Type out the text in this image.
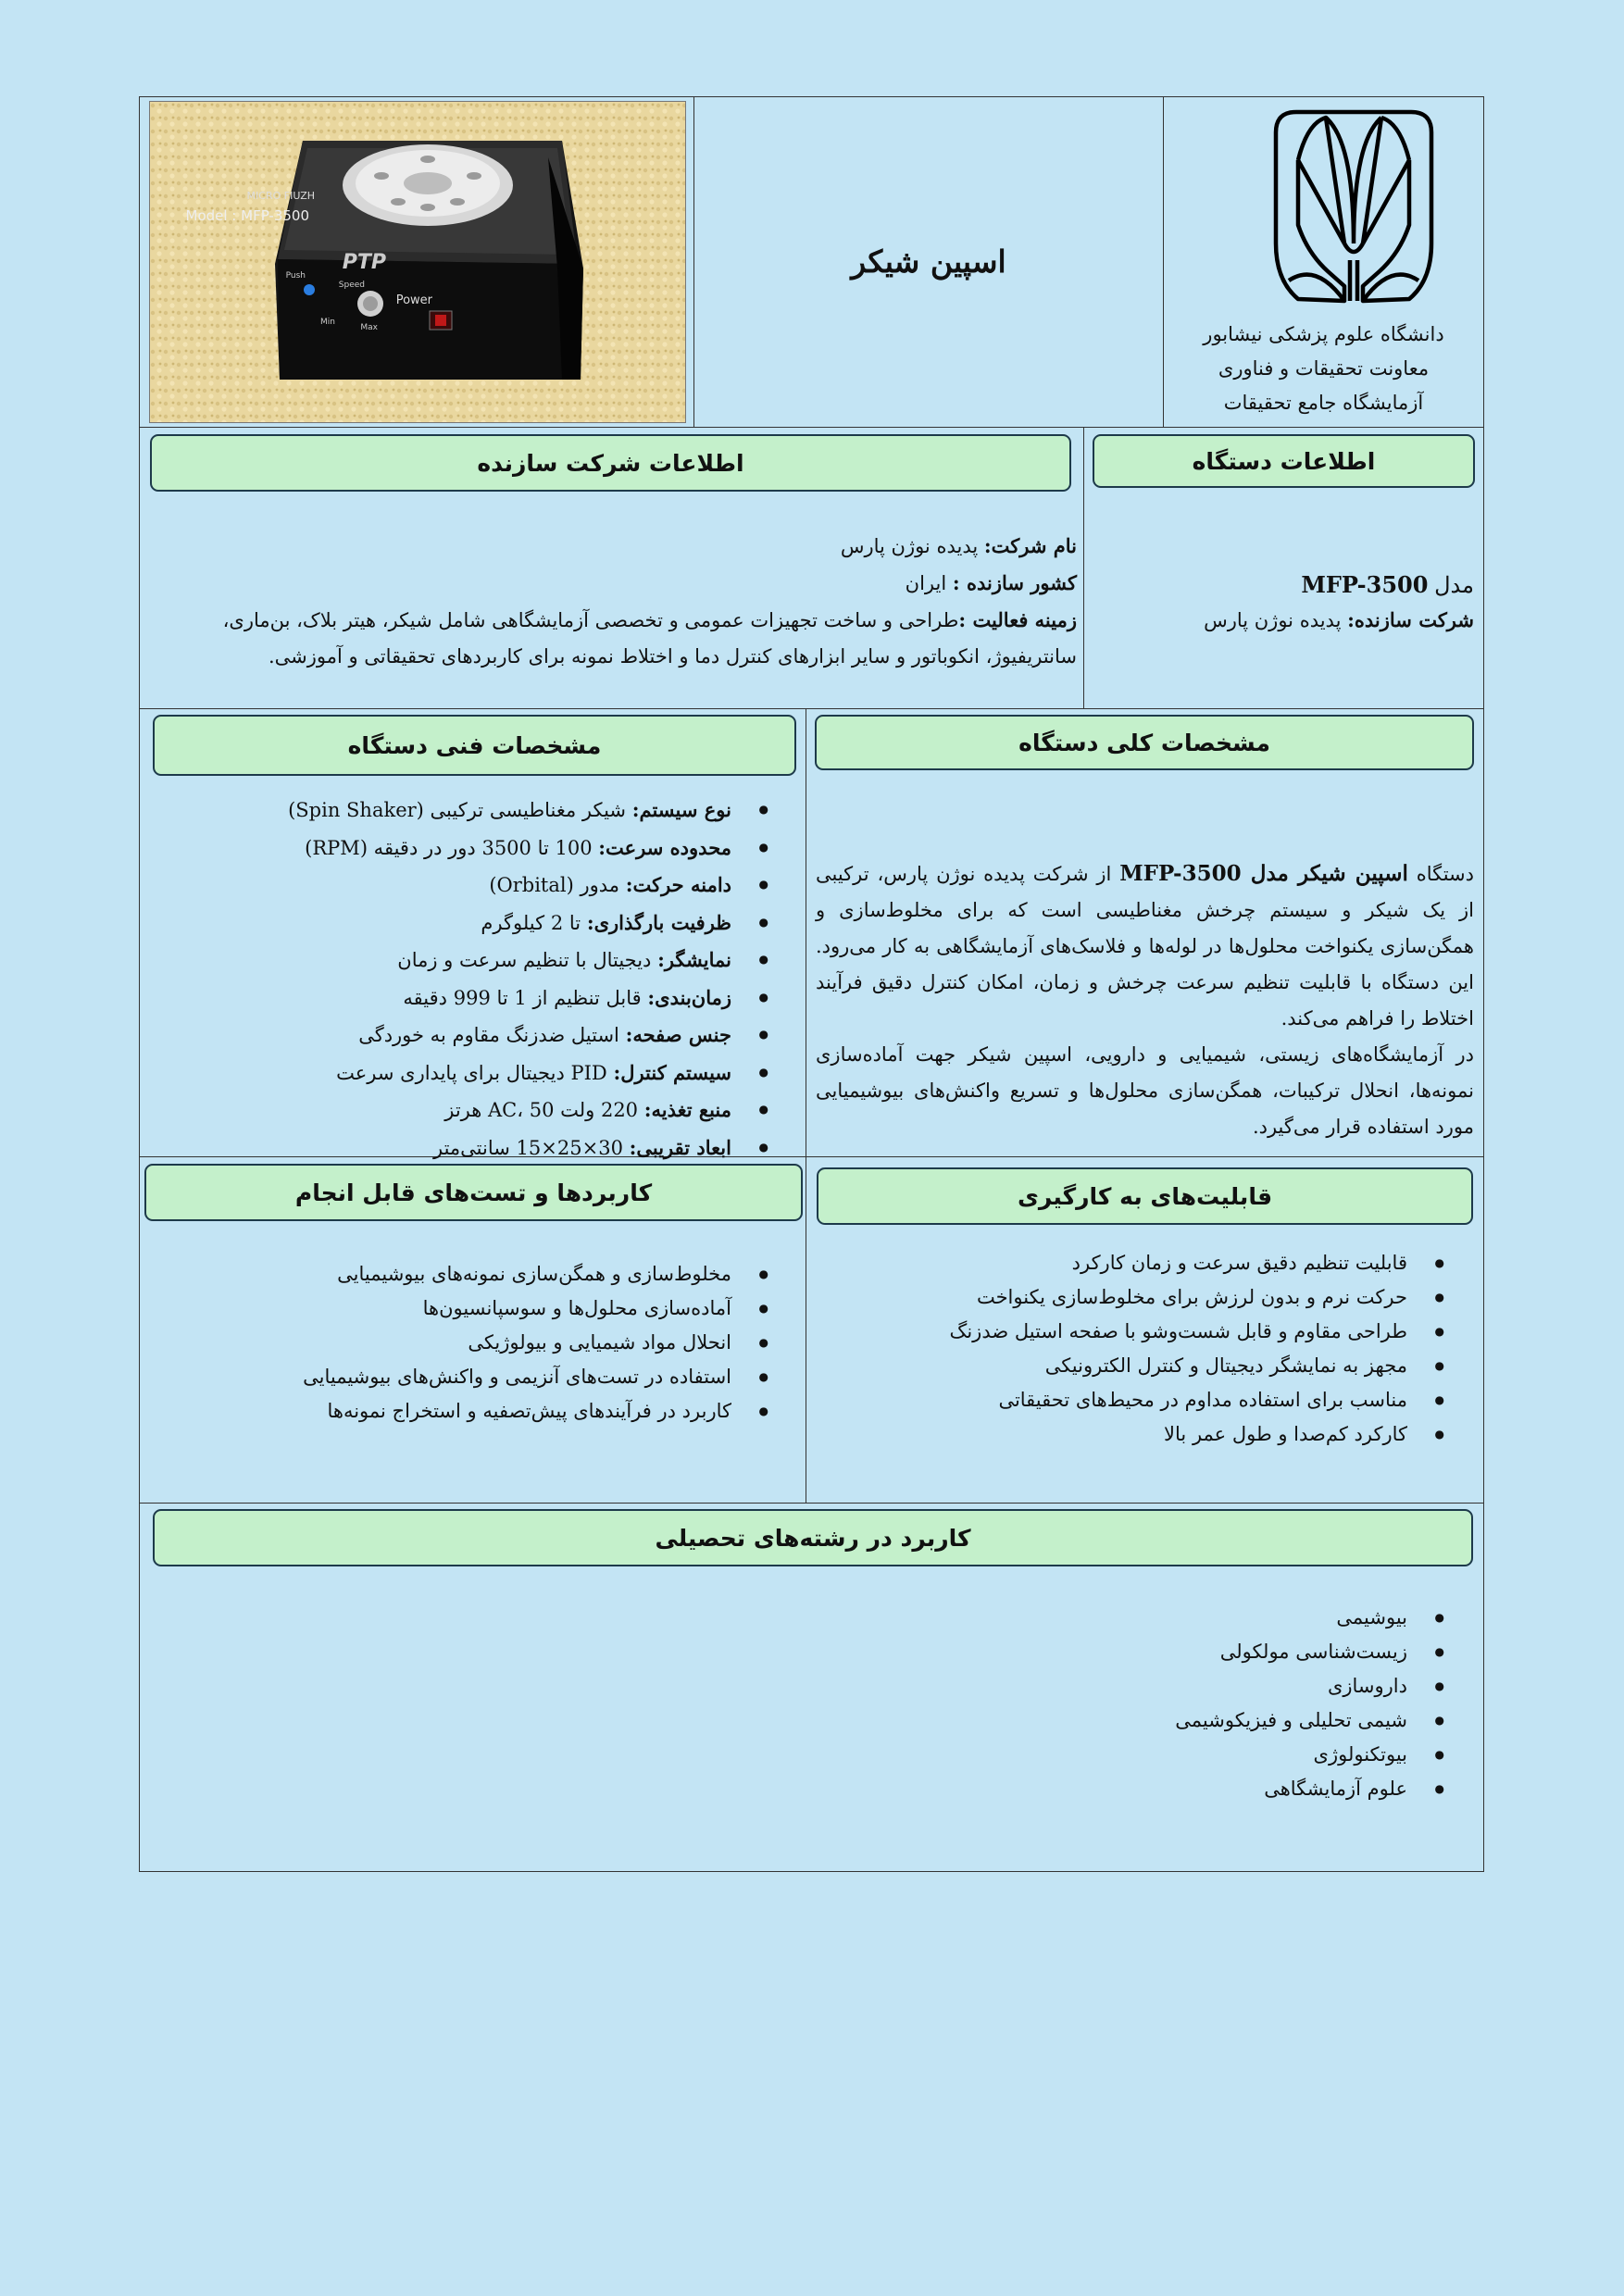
دانشگاه علوم پزشکی نیشابور
معاونت تحقیقات و فناوری
آزمایشگاه جامع تحقیقات
اسپین شیکر
MICRO FIUZH
Model : MFP-3500
PTP
Push
Speed
Min
Max
Power
اطلاعات دستگاه
مدل MFP-3500
شرکت سازنده: پدیده نوژن پارس
اطلاعات شرکت سازنده
نام شرکت: پدیده نوژن پارس
کشور سازنده : ایران
زمینه فعالیت :طراحی و ساخت تجهیزات عمومی و تخصصی آزمایشگاهی شامل شیکر، هیتر بلاک، بن‌ماری، سانتریفیوژ، انکوباتور و سایر ابزارهای کنترل دما و اختلاط نمونه برای کاربردهای تحقیقاتی و آموزشی.
مشخصات کلی دستگاه
دستگاه اسپین شیکر مدل MFP-3500 از شرکت پدیده نوژن پارس، ترکیبی از یک شیکر و سیستم چرخش مغناطیسی است که برای مخلوط‌سازی و همگن‌سازی یکنواخت محلول‌ها در لوله‌ها و فلاسک‌های آزمایشگاهی به کار می‌رود. این دستگاه با قابلیت تنظیم سرعت چرخش و زمان، امکان کنترل دقیق فرآیند اختلاط را فراهم می‌کند.
در آزمایشگاه‌های زیستی، شیمیایی و دارویی، اسپین شیکر جهت آماده‌سازی نمونه‌ها، انحلال ترکیبات، همگن‌سازی محلول‌ها و تسریع واکنش‌های بیوشیمیایی مورد استفاده قرار می‌گیرد.
مشخصات فنی دستگاه
● نوع سیستم: شیکر مغناطیسی ترکیبی (Spin Shaker)
● محدوده سرعت: 100 تا 3500 دور در دقیقه (RPM)
● دامنه حرکت: مدور (Orbital)
● ظرفیت بارگذاری: تا 2 کیلوگرم
● نمایشگر: دیجیتال با تنظیم سرعت و زمان
● زمان‌بندی: قابل تنظیم از 1 تا 999 دقیقه
● جنس صفحه: استیل ضدزنگ مقاوم به خوردگی
● سیستم کنترل: PID دیجیتال برای پایداری سرعت
● منبع تغذیه: 220 ولت AC، 50 هرتز
● ابعاد تقریبی: 30×25×15 سانتی‌متر
قابلیت‌های به کارگیری
● قابلیت تنظیم دقیق سرعت و زمان کارکرد
● حرکت نرم و بدون لرزش برای مخلوط‌سازی یکنواخت
● طراحی مقاوم و قابل شست‌وشو با صفحه استیل ضدزنگ
● مجهز به نمایشگر دیجیتال و کنترل الکترونیکی
● مناسب برای استفاده مداوم در محیط‌های تحقیقاتی
● کارکرد کم‌صدا و طول عمر بالا
کاربردها و تست‌های قابل انجام
● مخلوط‌سازی و همگن‌سازی نمونه‌های بیوشیمیایی
● آماده‌سازی محلول‌ها و سوسپانسیون‌ها
● انحلال مواد شیمیایی و بیولوژیکی
● استفاده در تست‌های آنزیمی و واکنش‌های بیوشیمیایی
● کاربرد در فرآیندهای پیش‌تصفیه و استخراج نمونه‌ها
کاربرد در رشته‌های تحصیلی
● بیوشیمی
● زیست‌شناسی مولکولی
● داروسازی
● شیمی تحلیلی و فیزیکوشیمی
● بیوتکنولوژی
● علوم آزمایشگاهی
